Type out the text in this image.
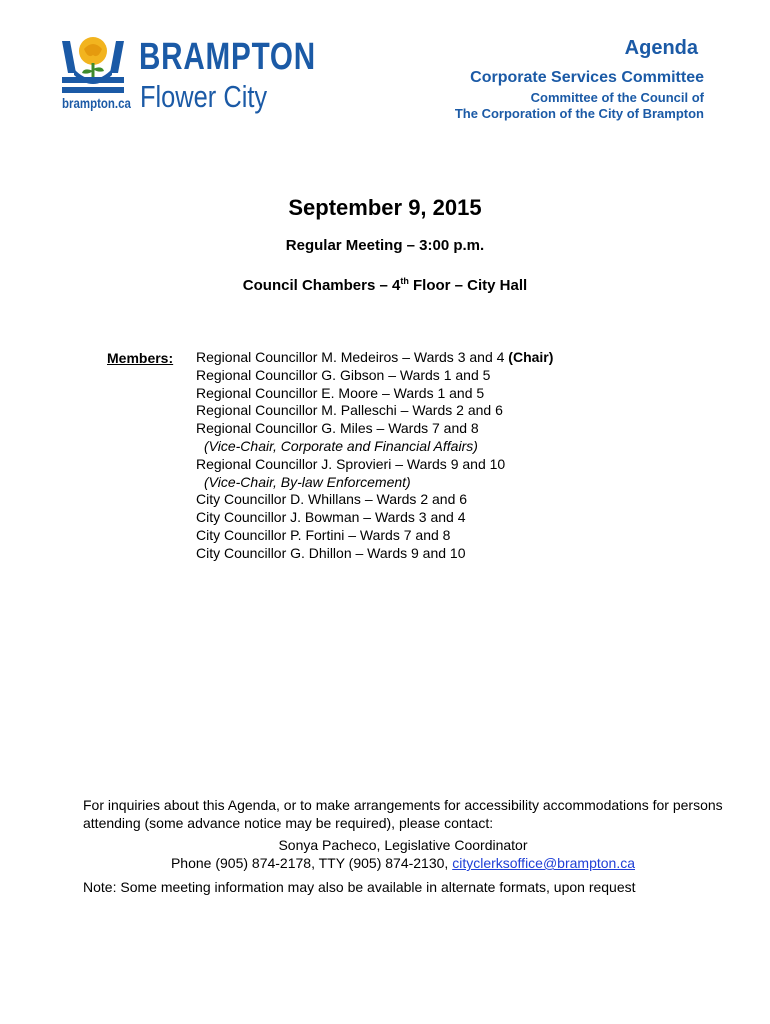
BRAMPTON
Flower City
brampton.ca
Agenda
Corporate Services Committee
Committee of the Council of
The Corporation of the City of Brampton
September 9, 2015
Regular Meeting – 3:00 p.m.
Council Chambers – 4th Floor – City Hall
Members: Regional Councillor M. Medeiros – Wards 3 and 4 (Chair)
Regional Councillor G. Gibson – Wards 1 and 5
Regional Councillor E. Moore – Wards 1 and 5
Regional Councillor M. Palleschi – Wards 2 and 6
Regional Councillor G. Miles – Wards 7 and 8
(Vice-Chair, Corporate and Financial Affairs)
Regional Councillor J. Sprovieri – Wards 9 and 10
(Vice-Chair, By-law Enforcement)
City Councillor D. Whillans – Wards 2 and 6
City Councillor J. Bowman – Wards 3 and 4
City Councillor P. Fortini – Wards 7 and 8
City Councillor G. Dhillon – Wards 9 and 10
For inquiries about this Agenda, or to make arrangements for accessibility accommodations for persons attending (some advance notice may be required), please contact:
Sonya Pacheco, Legislative Coordinator
Phone (905) 874-2178, TTY (905) 874-2130, cityclerksoffice@brampton.ca
Note: Some meeting information may also be available in alternate formats, upon request
